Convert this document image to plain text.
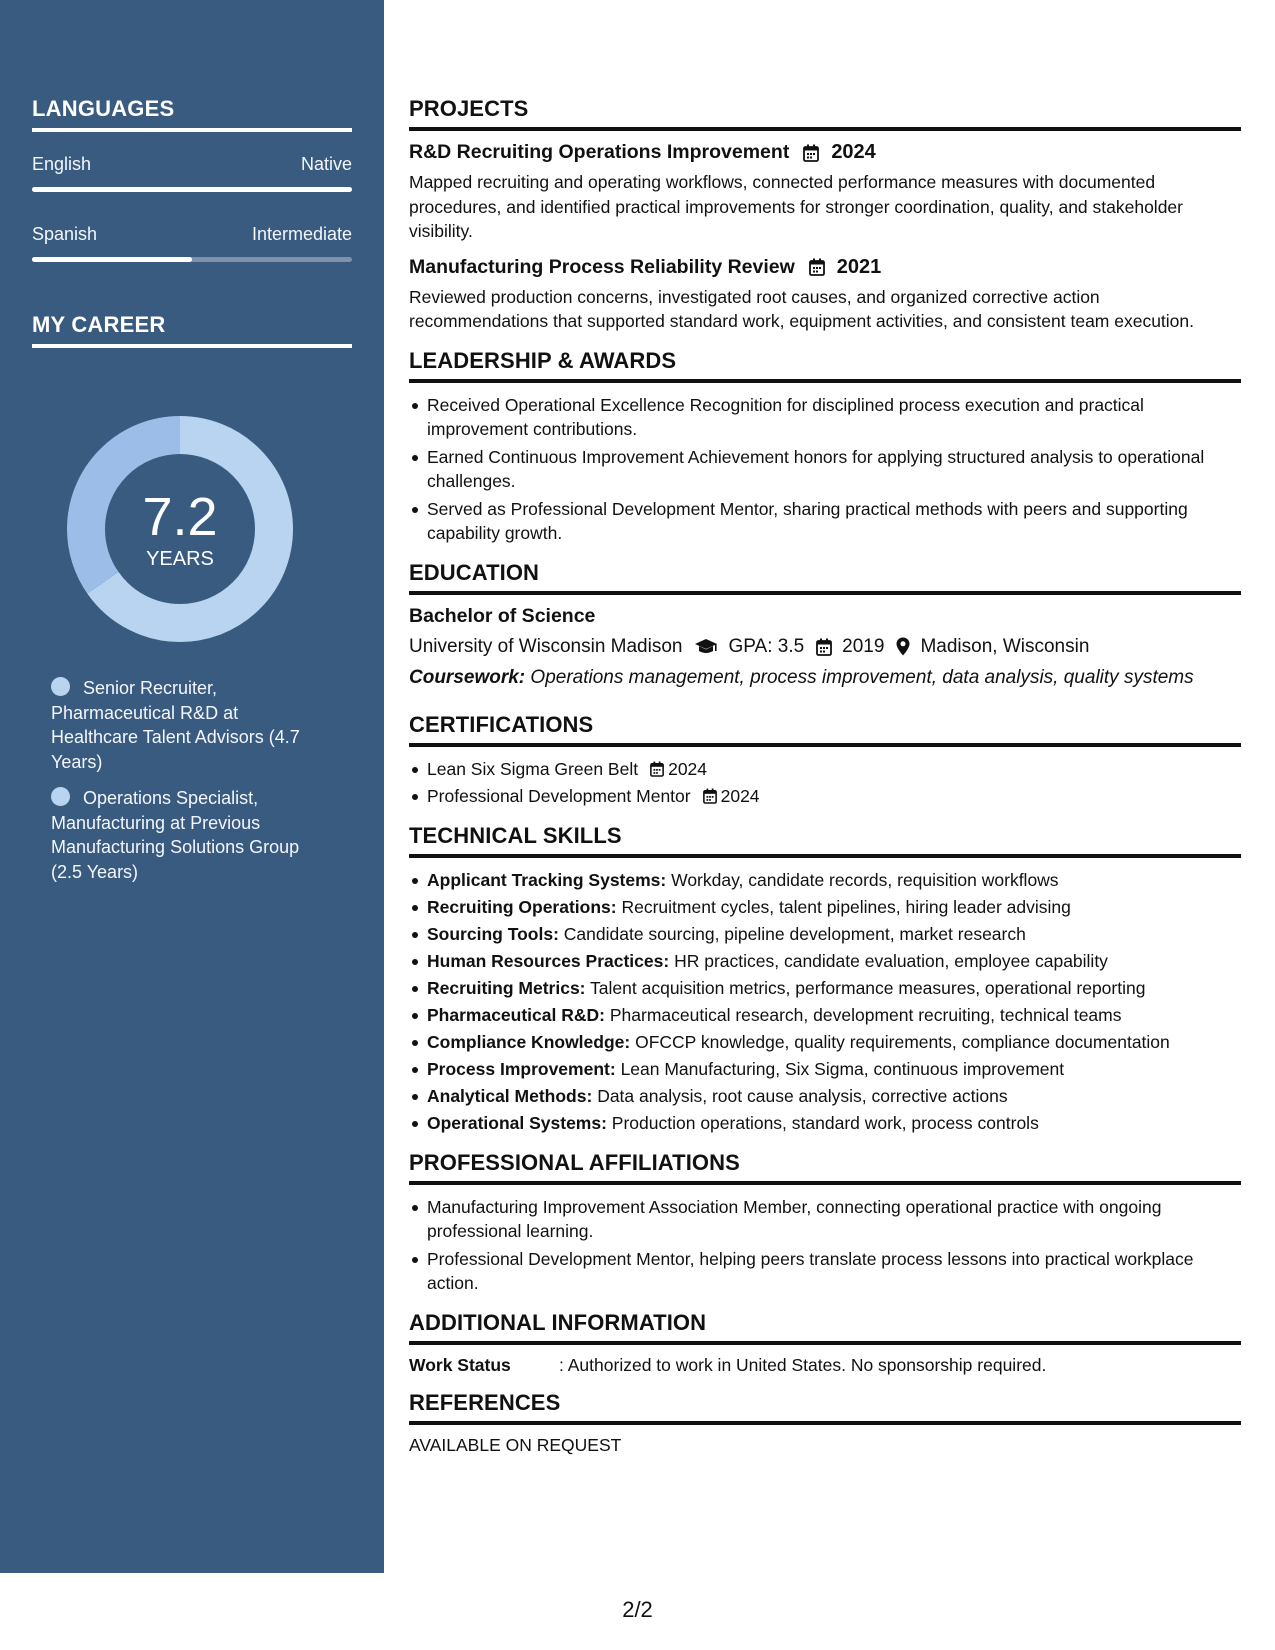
LANGUAGES
English	Native
Spanish	Intermediate
MY CAREER
7.2
YEARS
Senior Recruiter, Pharmaceutical R&D at Healthcare Talent Advisors (4.7 Years)
Operations Specialist, Manufacturing at Previous Manufacturing Solutions Group (2.5 Years)
PROJECTS
R&D Recruiting Operations Improvement 2024

Mapped recruiting and operating workflows, connected performance measures with documented procedures, and identified practical improvements for stronger coordination, quality, and stakeholder visibility.

Manufacturing Process Reliability Review 2021

Reviewed production concerns, investigated root causes, and organized corrective action recommendations that supported standard work, equipment activities, and consistent team execution.

LEADERSHIP & AWARDS
Received Operational Excellence Recognition for disciplined process execution and practical improvement contributions.
Earned Continuous Improvement Achievement honors for applying structured analysis to operational challenges.
Served as Professional Development Mentor, sharing practical methods with peers and supporting capability growth.
EDUCATION
Bachelor of Science
University of Wisconsin Madison GPA: 3.5 2019 Madison, Wisconsin

Coursework: Operations management, process improvement, data analysis, quality systems

CERTIFICATIONS
Lean Six Sigma Green Belt 2024
Professional Development Mentor 2024
TECHNICAL SKILLS
Applicant Tracking Systems: Workday, candidate records, requisition workflows
Recruiting Operations: Recruitment cycles, talent pipelines, hiring leader advising
Sourcing Tools: Candidate sourcing, pipeline development, market research
Human Resources Practices: HR practices, candidate evaluation, employee capability
Recruiting Metrics: Talent acquisition metrics, performance measures, operational reporting
Pharmaceutical R&D: Pharmaceutical research, development recruiting, technical teams
Compliance Knowledge: OFCCP knowledge, quality requirements, compliance documentation
Process Improvement: Lean Manufacturing, Six Sigma, continuous improvement
Analytical Methods: Data analysis, root cause analysis, corrective actions
Operational Systems: Production operations, standard work, process controls
PROFESSIONAL AFFILIATIONS
Manufacturing Improvement Association Member, connecting operational practice with ongoing professional learning.
Professional Development Mentor, helping peers translate process lessons into practical workplace action.
ADDITIONAL INFORMATION
Work Status	: Authorized to work in United States. No sponsorship required.
REFERENCES
AVAILABLE ON REQUEST
2/2
